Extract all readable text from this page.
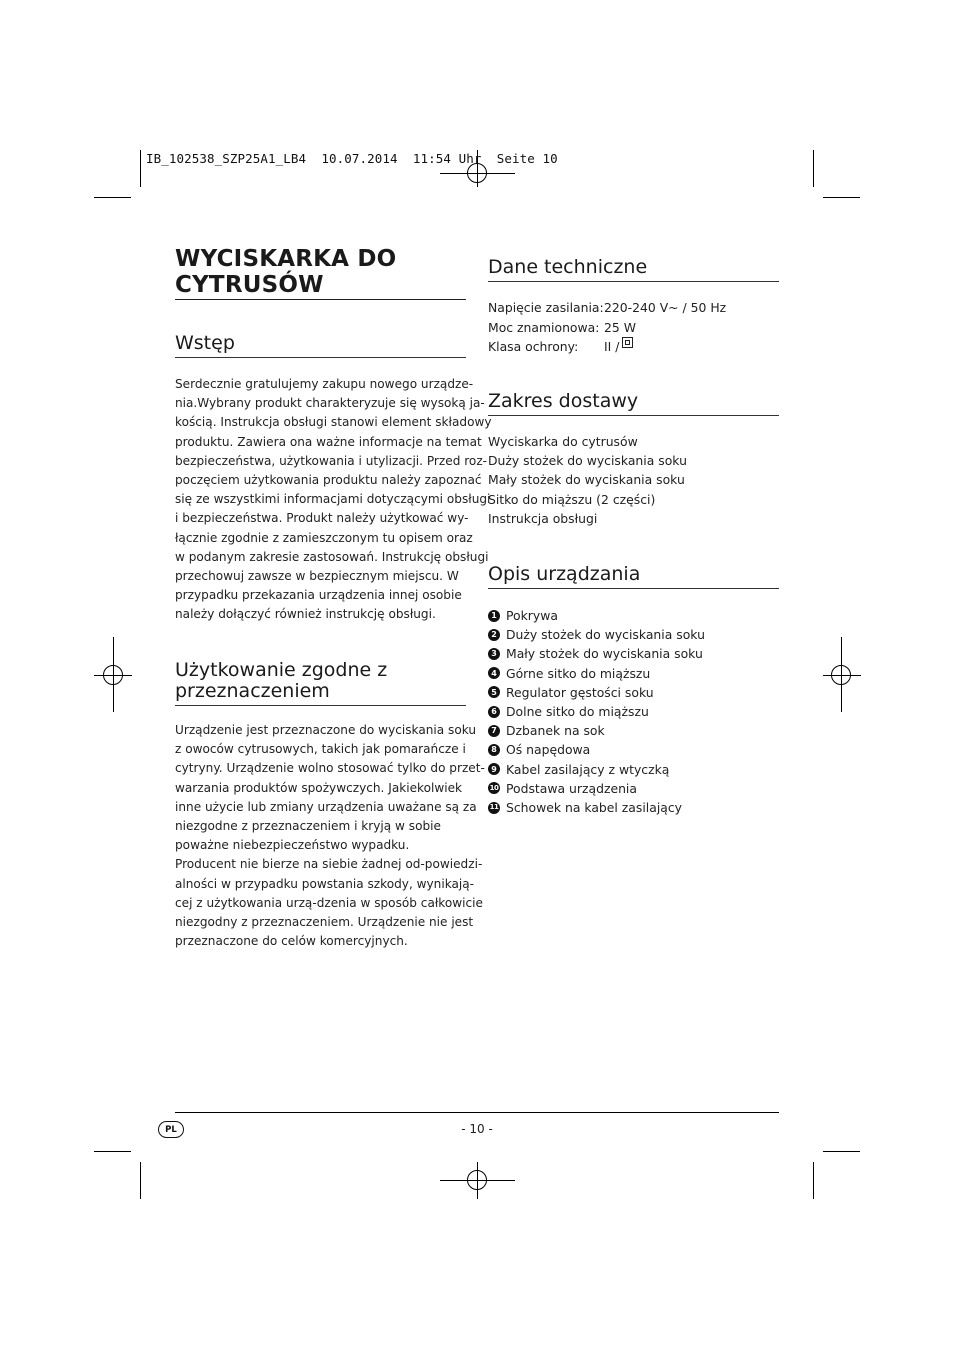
IB_102538_SZP25A1_LB4  10.07.2014  11:54 Uhr  Seite 10
WYCISKARKA DO
CYTRUSÓW
Wstęp
Serdecznie gratulujemy zakupu nowego urządze-
nia.Wybrany produkt charakteryzuje się wysoką ja-
kością. Instrukcja obsługi stanowi element składowy
produktu. Zawiera ona ważne informacje na temat
bezpieczeństwa, użytkowania i utylizacji. Przed roz-
poczęciem użytkowania produktu należy zapoznać
się ze wszystkimi informacjami dotyczącymi obsługi
i bezpieczeństwa. Produkt należy użytkować wy-
łącznie zgodnie z zamieszczonym tu opisem oraz
w podanym zakresie zastosowań. Instrukcję obsługi
przechowuj zawsze w bezpiecznym miejscu. W
przypadku przekazania urządzenia innej osobie
należy dołączyć również instrukcję obsługi.
Użytkowanie zgodne z
przeznaczeniem
Urządzenie jest przeznaczone do wyciskania soku
z owoców cytrusowych, takich jak pomarańcze i
cytryny. Urządzenie wolno stosować tylko do przet-
warzania produktów spożywczych. Jakiekolwiek
inne użycie lub zmiany urządzenia uważane są za
niezgodne z przeznaczeniem i kryją w sobie
poważne niebezpieczeństwo wypadku.
Producent nie bierze na siebie żadnej od-powiedzi-
alności w przypadku powstania szkody, wynikają-
cej z użytkowania urzą-dzenia w sposób całkowicie
niezgodny z przeznaczeniem. Urządzenie nie jest
przeznaczone do celów komercyjnych.
Dane techniczne
Napięcie zasilania: 220-240 V~ / 50 Hz
Moc znamionowa: 25 W
Klasa ochrony:	II /
Zakres dostawy
Wyciskarka do cytrusów
Duży stożek do wyciskania soku
Mały stożek do wyciskania soku
Sitko do miąższu (2 części)
Instrukcja obsługi
Opis urządzania
1 Pokrywa
2 Duży stożek do wyciskania soku
3 Mały stożek do wyciskania soku
4 Górne sitko do miąższu
5 Regulator gęstości soku
6 Dolne sitko do miąższu
7 Dzbanek na sok
8 Oś napędowa
9 Kabel zasilający z wtyczką
10 Podstawa urządzenia
11 Schowek na kabel zasilający
PL	- 10 -
